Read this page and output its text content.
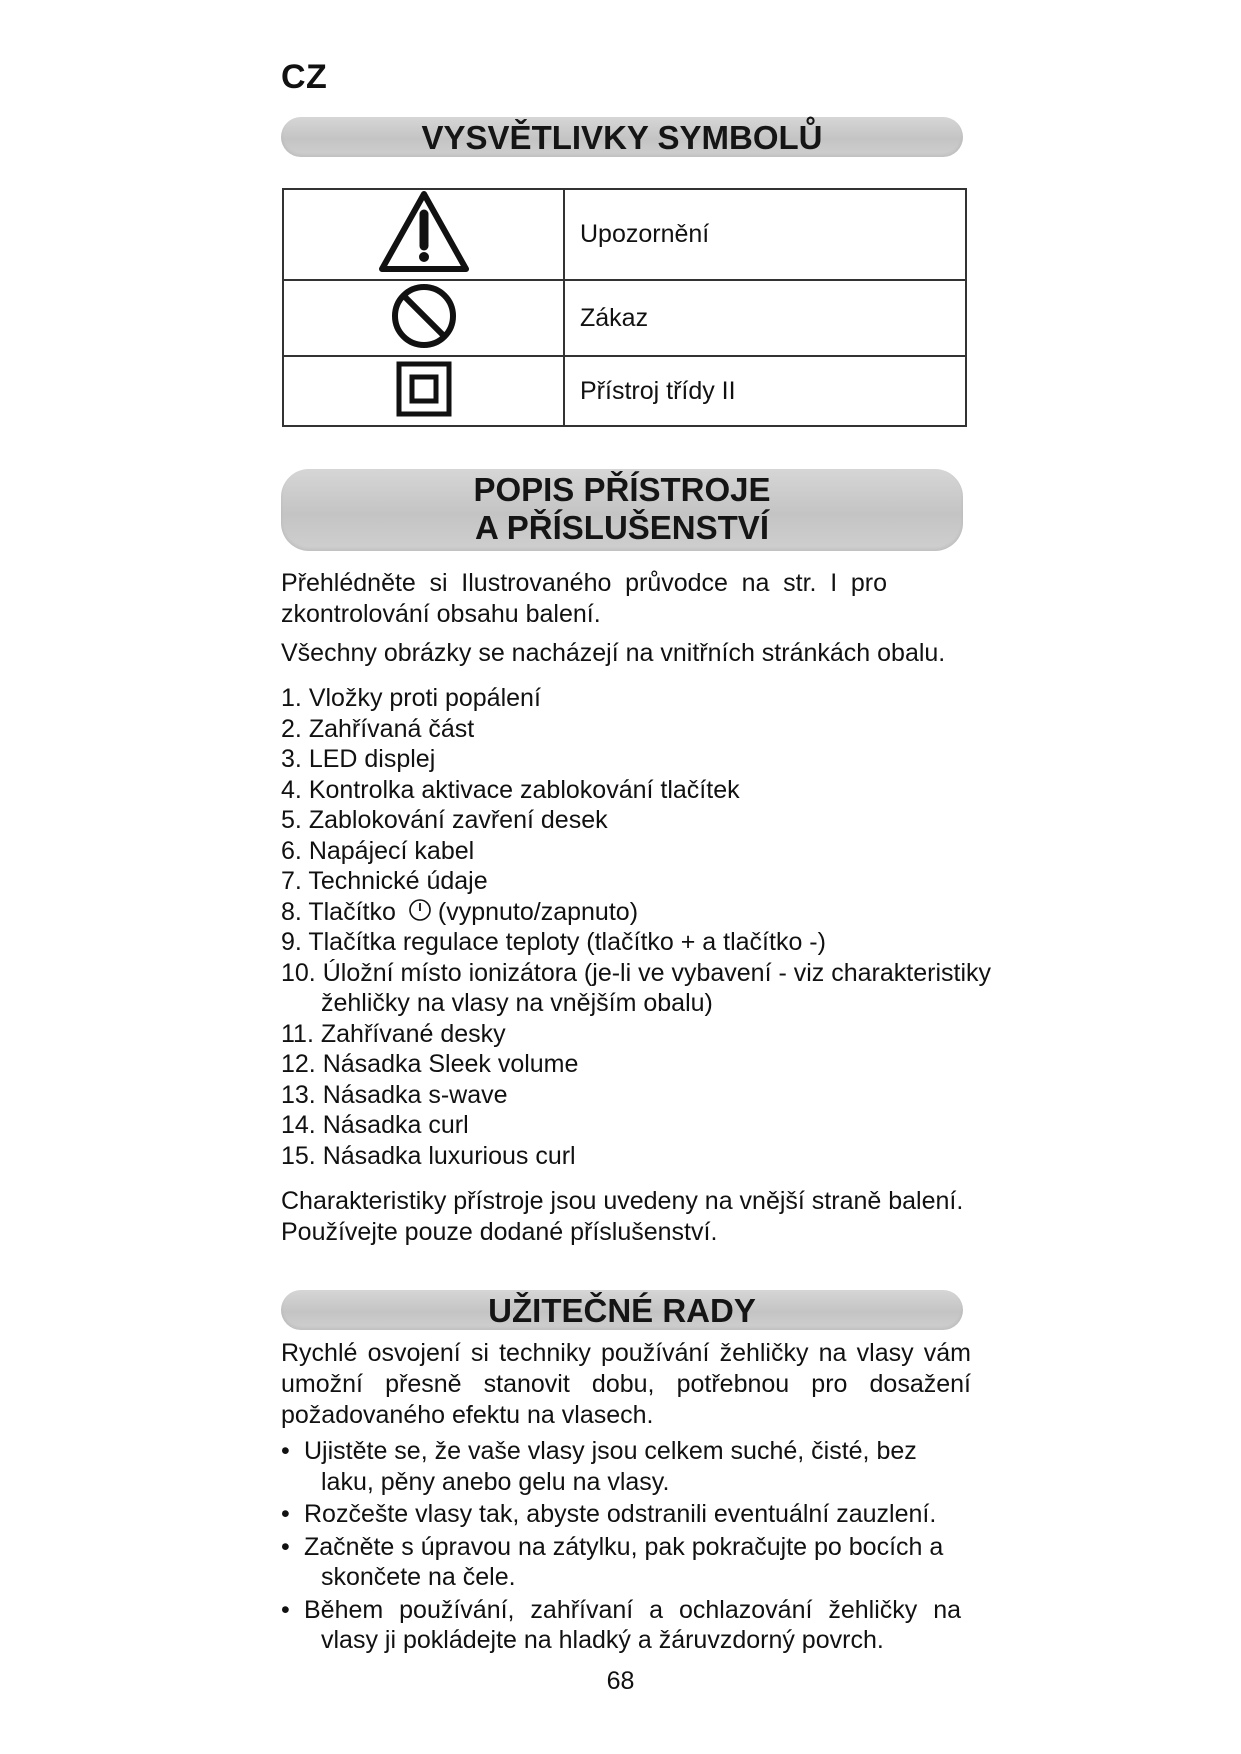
CZ
VYSVĚTLIVKY SYMBOLŮ
	Upozornění
	Zákaz
	Přístroj třídy II
POPIS PŘÍSTROJE
A PŘÍSLUŠENSTVÍ

Přehlédněte si Ilustrovaného průvodce na str. I pro zkontrolování obsahu balení.

Všechny obrázky se nacházejí na vnitřních stránkách obalu.

1. Vložky proti popálení
2. Zahřívaná část
3. LED displej
4. Kontrolka aktivace zablokování tlačítek
5. Zablokování zavření desek
6. Napájecí kabel
7. Technické údaje
8. Tlačítko (vypnuto/zapnuto)
9. Tlačítka regulace teploty (tlačítko + a tlačítko -)
10. Úložní místo ionizátora (je-li ve vybavení - viz charakteristiky
žehličky na vlasy na vnějším obalu)
11. Zahřívané desky
12. Násadka Sleek volume
13. Násadka s-wave
14. Násadka curl
15. Násadka luxurious curl

Charakteristiky přístroje jsou uvedeny na vnější straně balení.

Používejte pouze dodané příslušenství.

UŽITEČNÉ RADY

Rychlé osvojení si techniky používání žehličky na vlasy vám umožní přesně stanovit dobu, potřebnou pro dosažení požadovaného efektu na vlasech.

• Ujistěte se, že vaše vlasy jsou celkem suché, čisté, bez
laku, pěny anebo gelu na vlasy.
• Rozčešte vlasy tak, abyste odstranili eventuální zauzlení.
• Začněte s úpravou na zátylku, pak pokračujte po bocích a
skončete na čele.
• Během používání, zahřívaní a ochlazování žehličky na
vlasy ji pokládejte na hladký a žáruvzdorný povrch.
68
